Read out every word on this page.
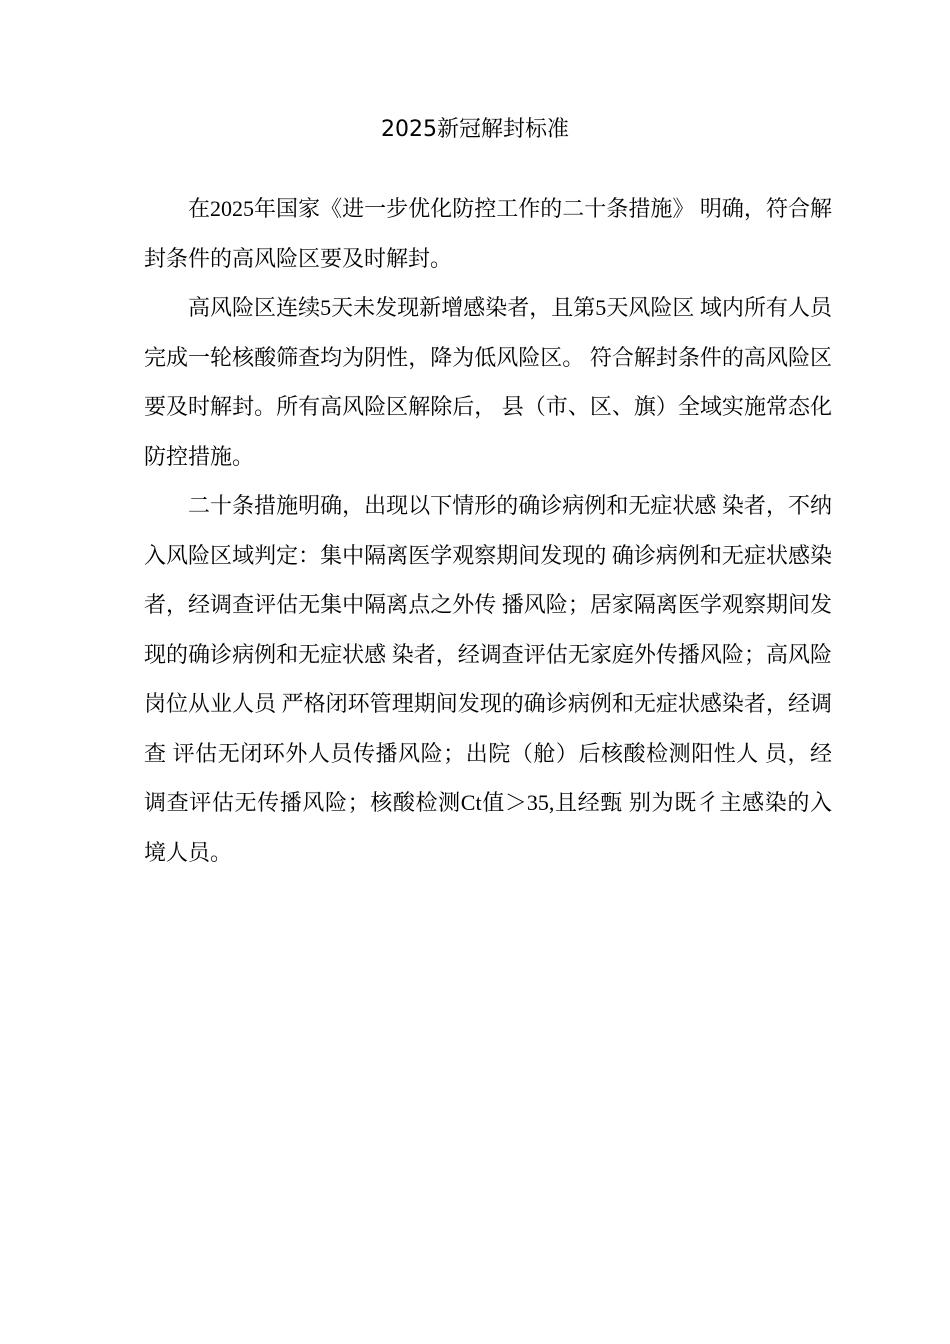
2025新冠解封标准

在2025年国家《进一步优化防控工作的二十条措施》 明确，符合解封条件的高风险区要及时解封。

高风险区连续5天未发现新增感染者，且第5天风险区 域内所有人员完成一轮核酸筛查均为阴性，降为低风险区。 符合解封条件的高风险区要及时解封。所有高风险区解除后， 县（市、区、旗）全域实施常态化防控措施。

二十条措施明确，出现以下情形的确诊病例和无症状感 染者，不纳入风险区域判定：集中隔离医学观察期间发现的 确诊病例和无症状感染者，经调查评估无集中隔离点之外传 播风险；居家隔离医学观察期间发现的确诊病例和无症状感 染者，经调查评估无家庭外传播风险；高风险岗位从业人员 严格闭环管理期间发现的确诊病例和无症状感染者，经调查 评估无闭环外人员传播风险；出院（舱）后核酸检测阳性人 员，经调查评估无传播风险；核酸检测Ct值＞35,且经甄 别为既彳主感染的入境人员。
